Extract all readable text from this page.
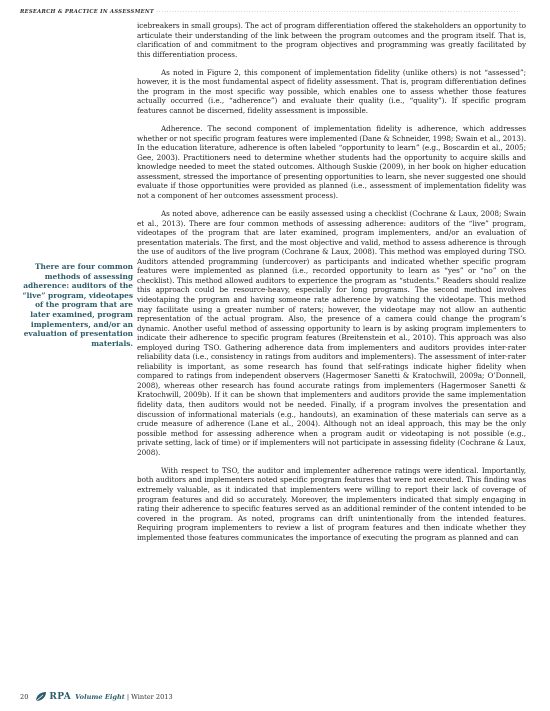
RESEARCH & PRACTICE IN ASSESSMENT ·········································································································································
There are four common methods of assessing adherence: auditors of the “live” program, videotapes of the program that are later examined, program implementers, and/or an evaluation of presentation materials.

icebreakers in small groups). The act of program differentiation offered the stakeholders an opportunity to articulate their understanding of the link between the program outcomes and the program itself. That is, clarification of and commitment to the program objectives and programming was greatly facilitated by this differentiation process.

As noted in Figure 2, this component of implementation fidelity (unlike others) is not “assessed”; however, it is the most fundamental aspect of fidelity assessment. That is, program differentiation defines the program in the most specific way possible, which enables one to assess whether those features actually occurred (i.e., “adherence”) and evaluate their quality (i.e., “quality”). If specific program features cannot be discerned, fidelity assessment is impossible.

Adherence. The second component of implementation fidelity is adherence, which addresses whether or not specific program features were implemented (Dane & Schneider, 1998; Swain et al., 2013). In the education literature, adherence is often labeled “opportunity to learn” (e.g., Boscardin et al., 2005; Gee, 2003). Practitioners need to determine whether students had the opportunity to acquire skills and knowledge needed to meet the stated outcomes. Although Suskie (2009), in her book on higher education assessment, stressed the importance of presenting opportunities to learn, she never suggested one should evaluate if those opportunities were provided as planned (i.e., assessment of implementation fidelity was not a component of her outcomes assessment process).

As noted above, adherence can be easily assessed using a checklist (Cochrane & Laux, 2008; Swain et al., 2013). There are four common methods of assessing adherence: auditors of the “live” program, videotapes of the program that are later examined, program implementers, and/or an evaluation of presentation materials. The first, and the most objective and valid, method to assess adherence is through the use of auditors of the live program (Cochrane & Laux, 2008). This method was employed during TSO. Auditors attended programming (undercover) as participants and indicated whether specific program features were implemented as planned (i.e., recorded opportunity to learn as “yes” or “no” on the checklist). This method allowed auditors to experience the program as “students.” Readers should realize this approach could be resource-heavy, especially for long programs. The second method involves videotaping the program and having someone rate adherence by watching the videotape. This method may facilitate using a greater number of raters; however, the videotape may not allow an authentic representation of the actual program. Also, the presence of a camera could change the program’s dynamic. Another useful method of assessing opportunity to learn is by asking program implementers to indicate their adherence to specific program features (Breitenstein et al., 2010). This approach was also employed during TSO. Gathering adherence data from implementers and auditors provides inter-rater reliability data (i.e., consistency in ratings from auditors and implementers). The assessment of inter-rater reliability is important, as some research has found that self-ratings indicate higher fidelity when compared to ratings from independent observers (Hagermoser Sanetti & Kratochwill, 2009a; O’Donnell, 2008), whereas other research has found accurate ratings from implementers (Hagermoser Sanetti & Kratochwill, 2009b). If it can be shown that implementers and auditors provide the same implementation fidelity data, then auditors would not be needed. Finally, if a program involves the presentation and discussion of informational materials (e.g., handouts), an examination of these materials can serve as a crude measure of adherence (Lane et al., 2004). Although not an ideal approach, this may be the only possible method for assessing adherence when a program audit or videotaping is not possible (e.g., private setting, lack of time) or if implementers will not participate in assessing fidelity (Cochrane & Laux, 2008).

With respect to TSO, the auditor and implementer adherence ratings were identical. Importantly, both auditors and implementers noted specific program features that were not executed. This finding was extremely valuable, as it indicated that implementers were willing to report their lack of coverage of program features and did so accurately. Moreover, the implementers indicated that simply engaging in rating their adherence to specific features served as an additional reminder of the content intended to be covered in the program. As noted, programs can drift unintentionally from the intended features. Requiring program implementers to review a list of program features and then indicate whether they implemented those features communicates the importance of executing the program as planned and can

20 RPA Volume Eight | Winter 2013
